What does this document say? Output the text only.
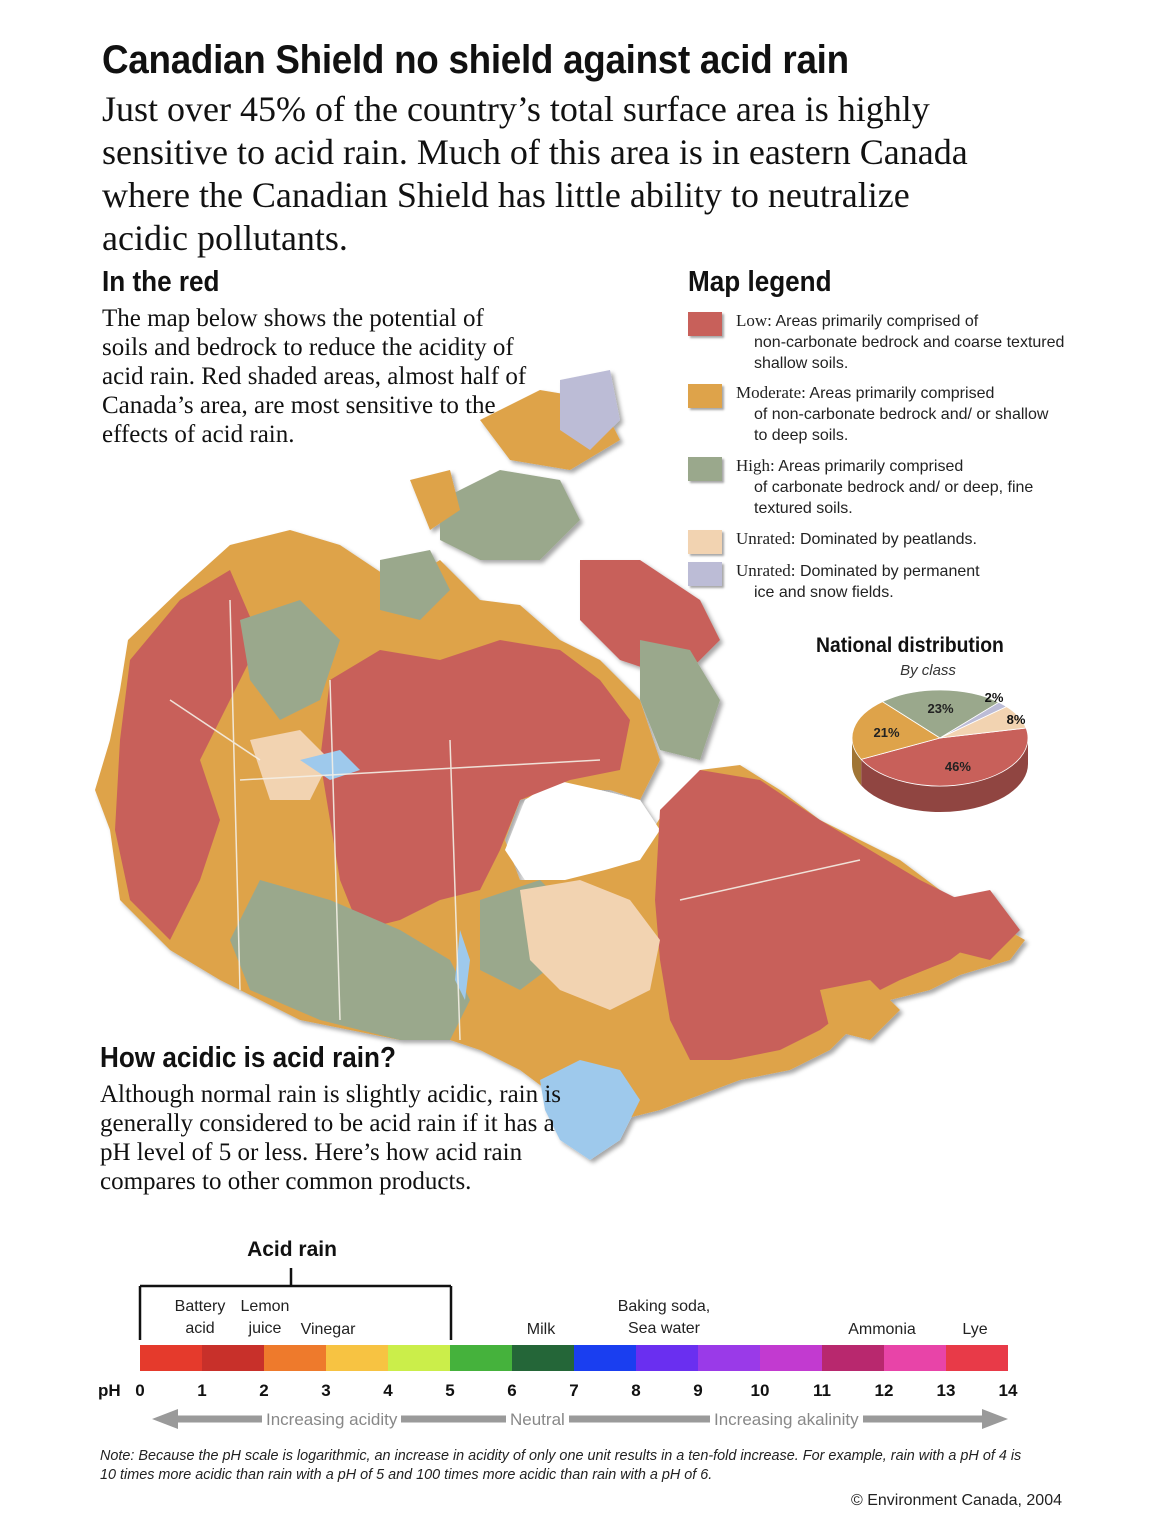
Canadian Shield no shield against acid rain
Just over 45% of the country’s total surface area is highly sensitive to acid rain. Much of this area is in eastern Canada where the Canadian Shield has little ability to neutralize acidic pollutants.
In the red
The map below shows the potential of soils and bedrock to reduce the acidity of acid rain. Red shaded areas, almost half of Canada’s area, are most sensitive to the effects of acid rain.
Map legend
Low: Areas primarily comprised of
non-carbonate bedrock and coarse textured shallow soils.
Moderate: Areas primarily comprised
of non-carbonate bedrock and/ or shallow to deep soils.
High: Areas primarily comprised
of carbonate bedrock and/ or deep, fine textured soils.
Unrated: Dominated by peatlands.
Unrated: Dominated by permanent
ice and snow fields.
National distribution
By class
46%
21%
23%
2%
8%
How acidic is acid rain?
Although normal rain is slightly acidic, rain is generally considered to be acid rain if it has a pH level of 5 or less. Here’s how acid rain compares to other common products.
Acid rain
Battery
acid
Lemon
juice	Vinegar	Milk
Baking soda,
Sea water	Ammonia	Lye
pH 0	1	2	3	4	5	6	7	8	9	10	11	12	13	14
Increasing acidity	Neutral	Increasing akalinity
Note: Because the pH scale is logarithmic, an increase in acidity of only one unit results in a ten-fold increase. For example, rain with a pH of 4 is 10 times more acidic than rain with a pH of 5 and 100 times more acidic than rain with a pH of 6.
© Environment Canada, 2004
